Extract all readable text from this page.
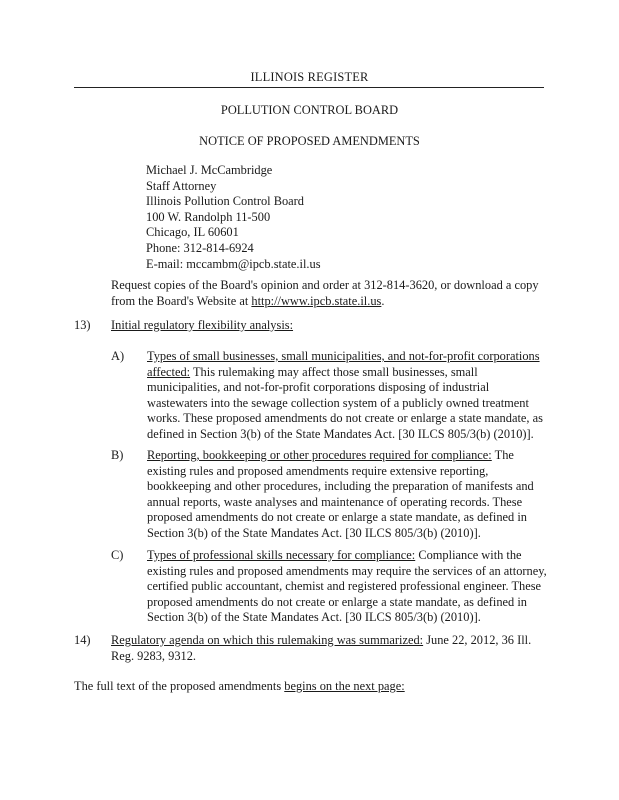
ILLINOIS REGISTER
POLLUTION CONTROL BOARD
NOTICE OF PROPOSED AMENDMENTS
Michael J. McCambridge
Staff Attorney
Illinois Pollution Control Board
100 W. Randolph 11-500
Chicago, IL 60601
Phone: 312-814-6924
E-mail: mccambm@ipcb.state.il.us
Request copies of the Board's opinion and order at 312-814-3620, or download a copy from the Board's Website at http://www.ipcb.state.il.us.
13) Initial regulatory flexibility analysis:
A) Types of small businesses, small municipalities, and not-for-profit corporations affected: This rulemaking may affect those small businesses, small municipalities, and not-for-profit corporations disposing of industrial wastewaters into the sewage collection system of a publicly owned treatment works. These proposed amendments do not create or enlarge a state mandate, as defined in Section 3(b) of the State Mandates Act. [30 ILCS 805/3(b) (2010)].
B) Reporting, bookkeeping or other procedures required for compliance: The existing rules and proposed amendments require extensive reporting, bookkeeping and other procedures, including the preparation of manifests and annual reports, waste analyses and maintenance of operating records. These proposed amendments do not create or enlarge a state mandate, as defined in Section 3(b) of the State Mandates Act. [30 ILCS 805/3(b) (2010)].
C) Types of professional skills necessary for compliance: Compliance with the existing rules and proposed amendments may require the services of an attorney, certified public accountant, chemist and registered professional engineer. These proposed amendments do not create or enlarge a state mandate, as defined in Section 3(b) of the State Mandates Act. [30 ILCS 805/3(b) (2010)].
14) Regulatory agenda on which this rulemaking was summarized: June 22, 2012, 36 Ill. Reg. 9283, 9312.
The full text of the proposed amendments begins on the next page:
